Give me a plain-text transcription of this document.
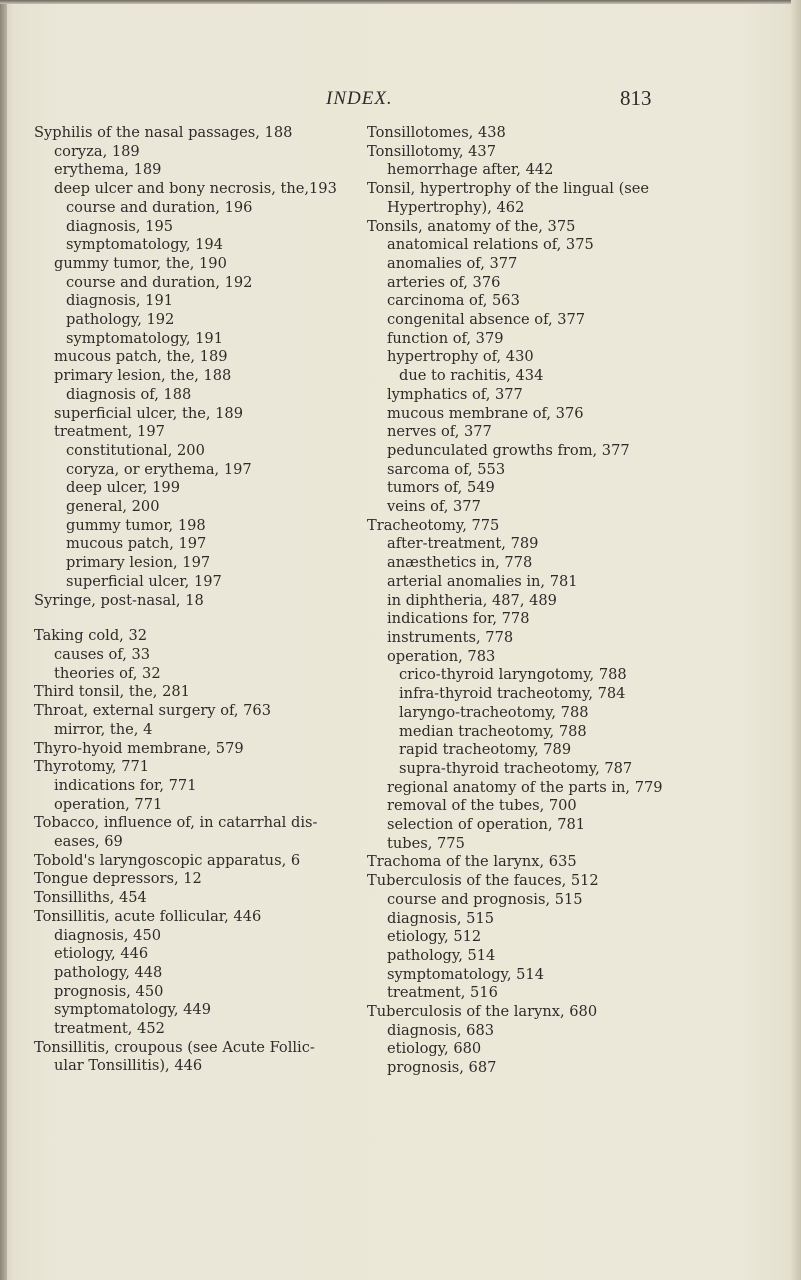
INDEX.	813
Syphilis of the nasal passages, 188
coryza, 189
erythema, 189
deep ulcer and bony necrosis, the,193
course and duration, 196
diagnosis, 195
symptomatology, 194
gummy tumor, the, 190
course and duration, 192
diagnosis, 191
pathology, 192
symptomatology, 191
mucous patch, the, 189
primary lesion, the, 188
diagnosis of, 188
superficial ulcer, the, 189
treatment, 197
constitutional, 200
coryza, or erythema, 197
deep ulcer, 199
general, 200
gummy tumor, 198
mucous patch, 197
primary lesion, 197
superficial ulcer, 197
Syringe, post-nasal, 18
Taking cold, 32
causes of, 33
theories of, 32
Third tonsil, the, 281
Throat, external surgery of, 763
mirror, the, 4
Thyro-hyoid membrane, 579
Thyrotomy, 771
indications for, 771
operation, 771
Tobacco, influence of, in catarrhal dis-
eases, 69
Tobold's laryngoscopic apparatus, 6
Tongue depressors, 12
Tonsilliths, 454
Tonsillitis, acute follicular, 446
diagnosis, 450
etiology, 446
pathology, 448
prognosis, 450
symptomatology, 449
treatment, 452
Tonsillitis, croupous (see Acute Follic-
ular Tonsillitis), 446
Tonsillotomes, 438
Tonsillotomy, 437
hemorrhage after, 442
Tonsil, hypertrophy of the lingual (see
Hypertrophy), 462
Tonsils, anatomy of the, 375
anatomical relations of, 375
anomalies of, 377
arteries of, 376
carcinoma of, 563
congenital absence of, 377
function of, 379
hypertrophy of, 430
due to rachitis, 434
lymphatics of, 377
mucous membrane of, 376
nerves of, 377
pedunculated growths from, 377
sarcoma of, 553
tumors of, 549
veins of, 377
Tracheotomy, 775
after-treatment, 789
anæsthetics in, 778
arterial anomalies in, 781
in diphtheria, 487, 489
indications for, 778
instruments, 778
operation, 783
crico-thyroid laryngotomy, 788
infra-thyroid tracheotomy, 784
laryngo-tracheotomy, 788
median tracheotomy, 788
rapid tracheotomy, 789
supra-thyroid tracheotomy, 787
regional anatomy of the parts in, 779
removal of the tubes, 700
selection of operation, 781
tubes, 775
Trachoma of the larynx, 635
Tuberculosis of the fauces, 512
course and prognosis, 515
diagnosis, 515
etiology, 512
pathology, 514
symptomatology, 514
treatment, 516
Tuberculosis of the larynx, 680
diagnosis, 683
etiology, 680
prognosis, 687
